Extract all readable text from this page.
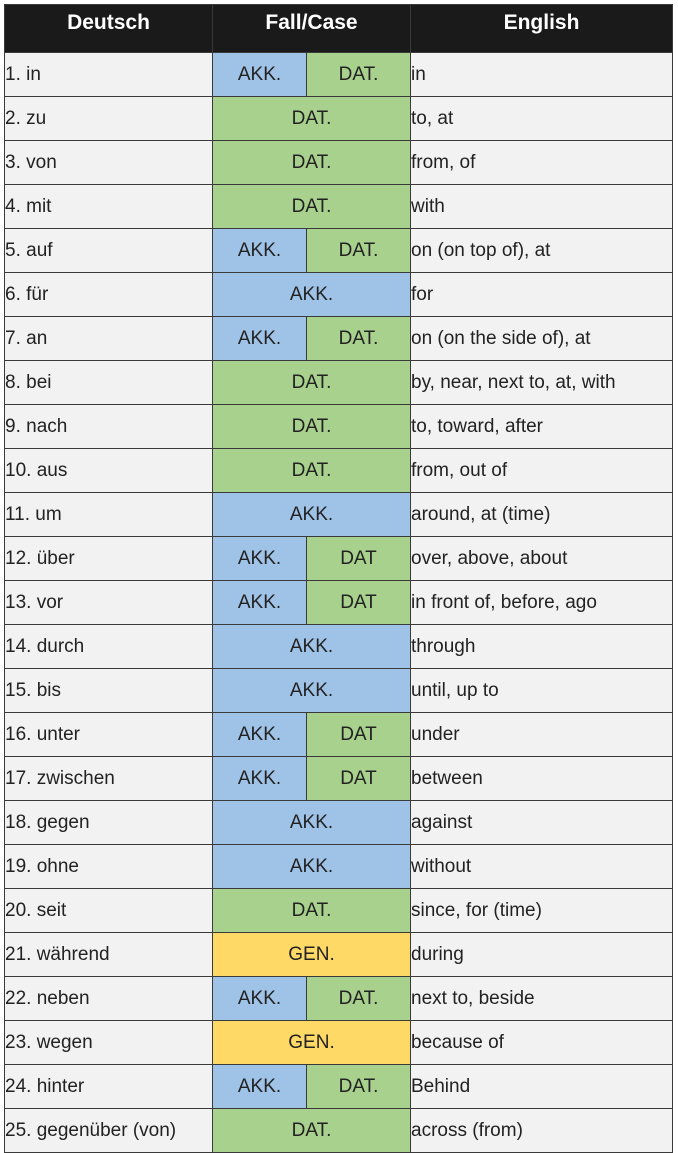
Deutsch	Fall/Case		English
1. in	AKK.	DAT.	in
2. zu	DAT.		to, at
3. von	DAT.		from, of
4. mit	DAT.		with
5. auf	AKK.	DAT.	on (on top of), at
6. für	AKK.		for
7. an	AKK.	DAT.	on (on the side of), at
8. bei	DAT.		by, near, next to, at, with
9. nach	DAT.		to, toward, after
10. aus	DAT.		from, out of
11. um	AKK.		around, at (time)
12. über	AKK.	DAT	over, above, about
13. vor	AKK.	DAT	in front of, before, ago
14. durch	AKK.		through
15. bis	AKK.		until, up to
16. unter	AKK.	DAT	under
17. zwischen	AKK.	DAT	between
18. gegen	AKK.		against
19. ohne	AKK.		without
20. seit	DAT.		since, for (time)
21. während	GEN.		during
22. neben	AKK.	DAT.	next to, beside
23. wegen	GEN.		because of
24. hinter	AKK.	DAT.	Behind
25. gegenüber (von)	DAT.		across (from)
